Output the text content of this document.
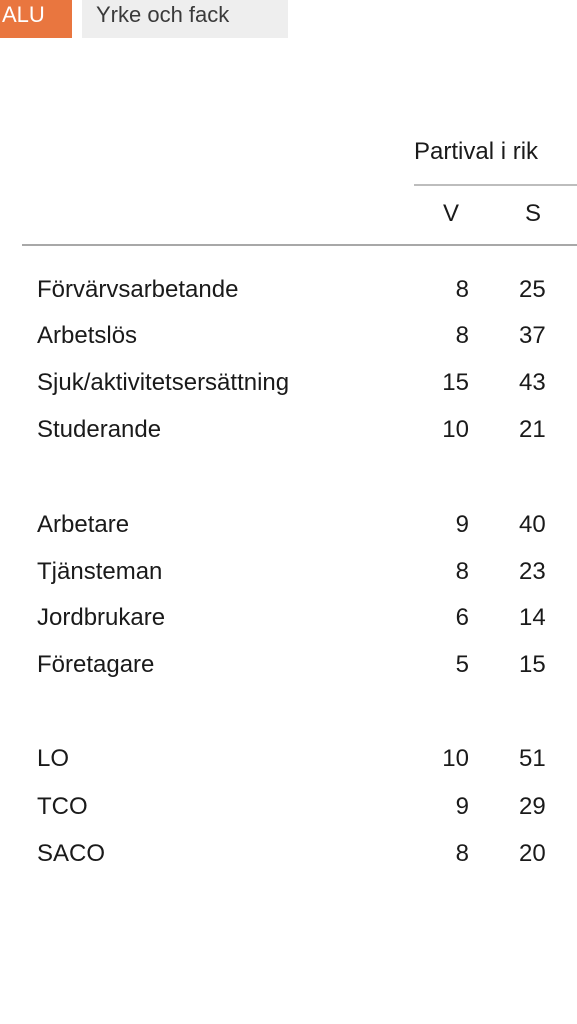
ALU	Yrke och fack
Partival i rik
V	S
Förvärvsarbetande	8 25
Arbetslös	8 37
Sjuk/aktivitetsersättning	15 43
Studerande	10 21
Arbetare	9 40
Tjänsteman	8 23
Jordbrukare	6 14
Företagare	5 15
LO	10 51
TCO	9 29
SACO	8 20
